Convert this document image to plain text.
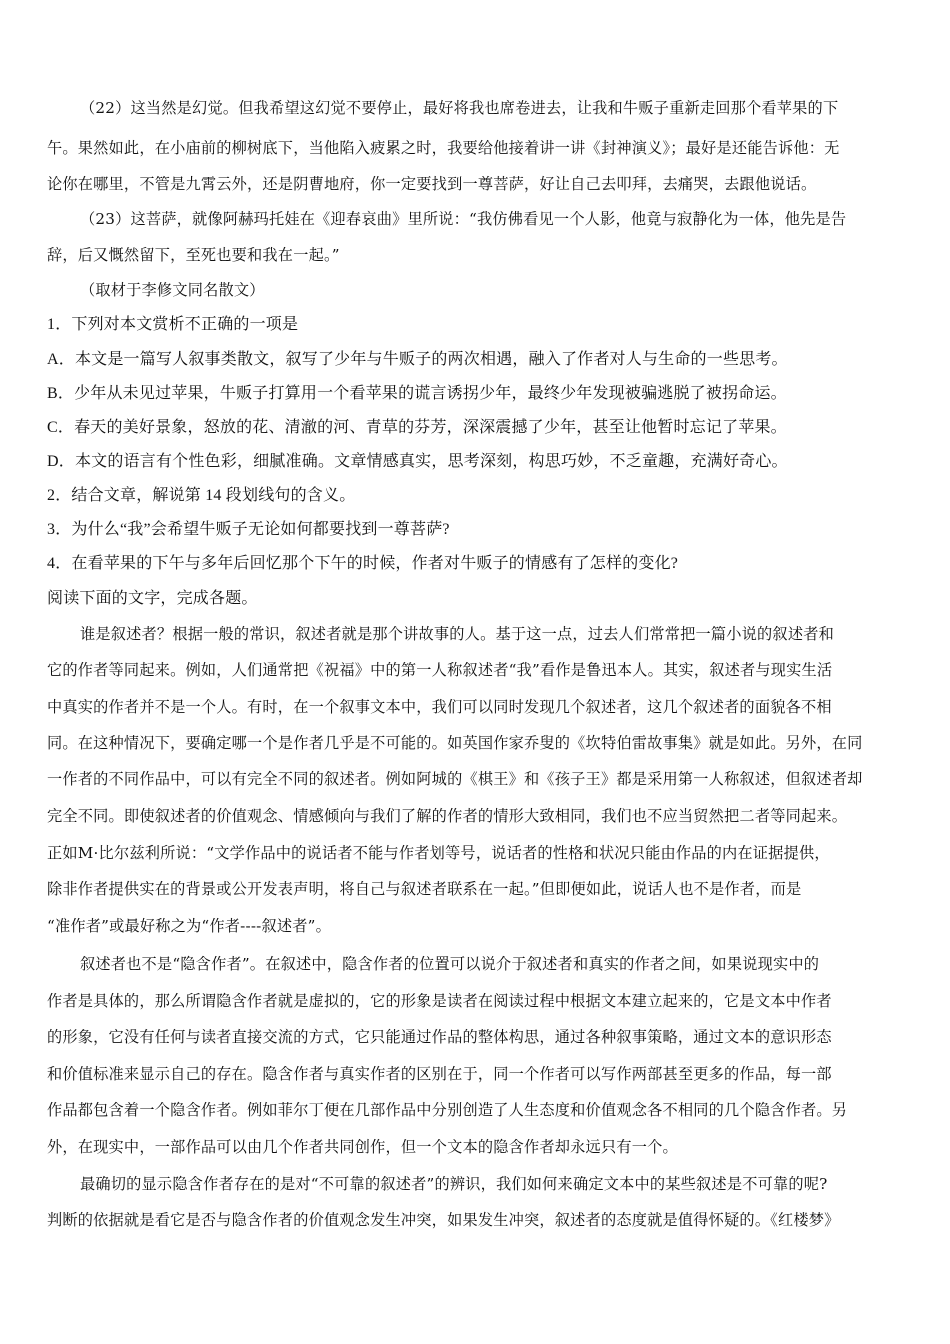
（22）这当然是幻觉。但我希望这幻觉不要停止，最好将我也席卷进去，让我和牛贩子重新走回那个看苹果的下
午。果然如此，在小庙前的柳树底下，当他陷入疲累之时，我要给他接着讲一讲《封神演义》；最好是还能告诉他：无
论你在哪里，不管是九霄云外，还是阴曹地府，你一定要找到一尊菩萨，好让自己去叩拜，去痛哭，去跟他说话。
（23）这菩萨，就像阿赫玛托娃在《迎春哀曲》里所说：“我仿佛看见一个人影，他竟与寂静化为一体，他先是告
辞，后又慨然留下，至死也要和我在一起。”
（取材于李修文同名散文）
1．下列对本文赏析不正确的一项是
A．本文是一篇写人叙事类散文，叙写了少年与牛贩子的两次相遇，融入了作者对人与生命的一些思考。
B．少年从未见过苹果，牛贩子打算用一个看苹果的谎言诱拐少年，最终少年发现被骗逃脱了被拐命运。
C．春天的美好景象，怒放的花、清澈的河、青草的芬芳，深深震撼了少年，甚至让他暂时忘记了苹果。
D．本文的语言有个性色彩，细腻准确。文章情感真实，思考深刻，构思巧妙，不乏童趣，充满好奇心。
2．结合文章，解说第 14 段划线句的含义。
3．为什么“我”会希望牛贩子无论如何都要找到一尊菩萨?
4．在看苹果的下午与多年后回忆那个下午的时候，作者对牛贩子的情感有了怎样的变化?
阅读下面的文字，完成各题。
谁是叙述者？根据一般的常识，叙述者就是那个讲故事的人。基于这一点，过去人们常常把一篇小说的叙述者和
它的作者等同起来。例如，人们通常把《祝福》中的第一人称叙述者“我”看作是鲁迅本人。其实，叙述者与现实生活
中真实的作者并不是一个人。有时，在一个叙事文本中，我们可以同时发现几个叙述者，这几个叙述者的面貌各不相
同。在这种情况下，要确定哪一个是作者几乎是不可能的。如英国作家乔叟的《坎特伯雷故事集》就是如此。另外，在同
一作者的不同作品中，可以有完全不同的叙述者。例如阿城的《棋王》和《孩子王》都是采用第一人称叙述，但叙述者却
完全不同。即使叙述者的价值观念、情感倾向与我们了解的作者的情形大致相同，我们也不应当贸然把二者等同起来。
正如M·比尔兹利所说：“文学作品中的说话者不能与作者划等号，说话者的性格和状况只能由作品的内在证据提供，
除非作者提供实在的背景或公开发表声明，将自己与叙述者联系在一起。”但即便如此，说话人也不是作者，而是
“准作者”或最好称之为“作者----叙述者”。
叙述者也不是“隐含作者”。在叙述中，隐含作者的位置可以说介于叙述者和真实的作者之间，如果说现实中的
作者是具体的，那么所谓隐含作者就是虚拟的，它的形象是读者在阅读过程中根据文本建立起来的，它是文本中作者
的形象，它没有任何与读者直接交流的方式，它只能通过作品的整体构思，通过各种叙事策略，通过文本的意识形态
和价值标准来显示自己的存在。隐含作者与真实作者的区别在于，同一个作者可以写作两部甚至更多的作品，每一部
作品都包含着一个隐含作者。例如菲尔丁便在几部作品中分别创造了人生态度和价值观念各不相同的几个隐含作者。另
外，在现实中，一部作品可以由几个作者共同创作，但一个文本的隐含作者却永远只有一个。
最确切的显示隐含作者存在的是对“不可靠的叙述者”的辨识，我们如何来确定文本中的某些叙述是不可靠的呢?
判断的依据就是看它是否与隐含作者的价值观念发生冲突，如果发生冲突，叙述者的态度就是值得怀疑的。《红楼梦》
